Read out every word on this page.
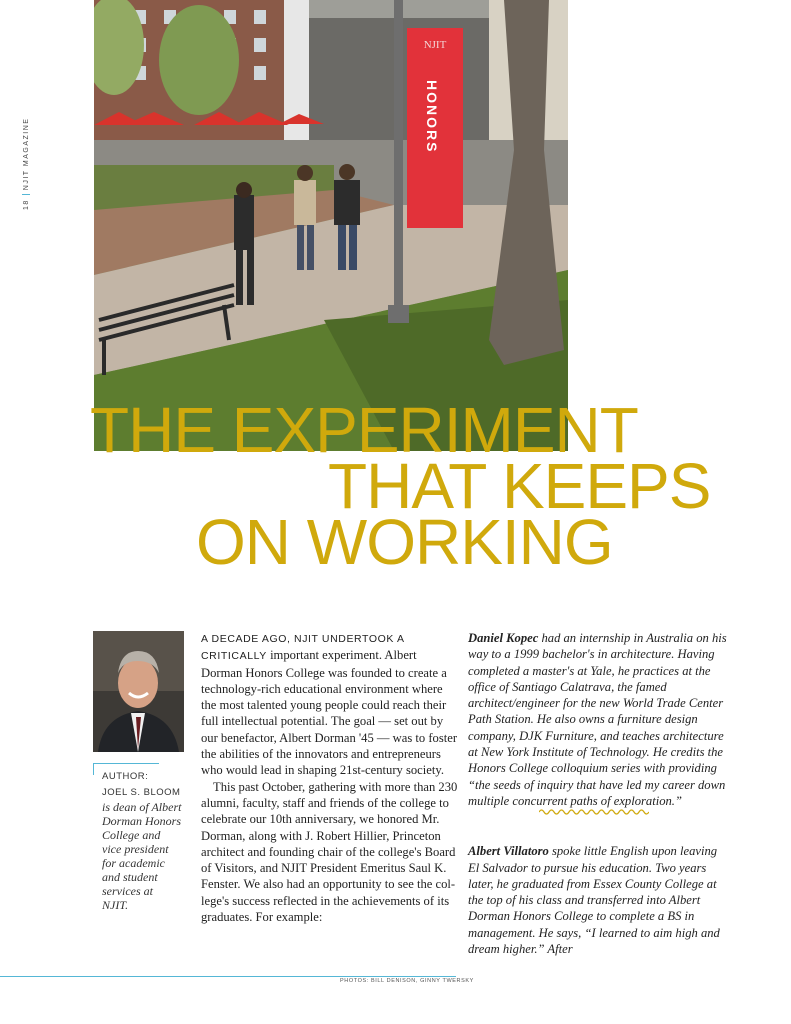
18NJIT MAGAZINE
NJIT
HONORS
THE EXPERIMENT
THAT KEEPS
ON WORKING
AUTHOR:
JOEL S. BLOOM is dean of Albert Dorman Honors College and vice president for academic and student services at NJIT.

A DECADE AGO, NJIT UNDERTOOK A CRITICALLY important experiment. Albert Dorman Honors College was founded to create a technology-rich educational environment where the most talented young people could reach their full intellectual potential. The goal — set out by our benefactor, Albert Dorman '45 — was to foster the abilities of the innovators and entrepreneurs who would lead in shaping 21st-century society.

This past October, gathering with more than 230 alumni, faculty, staff and friends of the college to celebrate our 10th anniversary, we honored Mr. Dorman, along with J. Robert Hillier, Princeton architect and founding chair of the college's Board of Visitors, and NJIT President Emeritus Saul K. Fenster. We also had an opportunity to see the col-lege's success reflected in the achievements of its graduates. For example:

Daniel Kopec had an internship in Australia on his way to a 1999 bachelor's in architecture. Having completed a master's at Yale, he practices at the office of Santiago Calatrava, the famed architect/engineer for the new World Trade Center Path Station. He also owns a furniture design company, DJK Furniture, and teaches architecture at New York Institute of Technology. He credits the Honors College colloquium series with providing “the seeds of inquiry that have led my career down multiple concurrent paths of exploration.”

Albert Villatoro spoke little English upon leaving El Salvador to pursue his education. Two years later, he graduated from Essex County College at the top of his class and transferred into Albert Dorman Honors College to complete a BS in management. He says, “I learned to aim high and dream higher.” After

PHOTOS: BILL DENISON, GINNY TWERSKY
